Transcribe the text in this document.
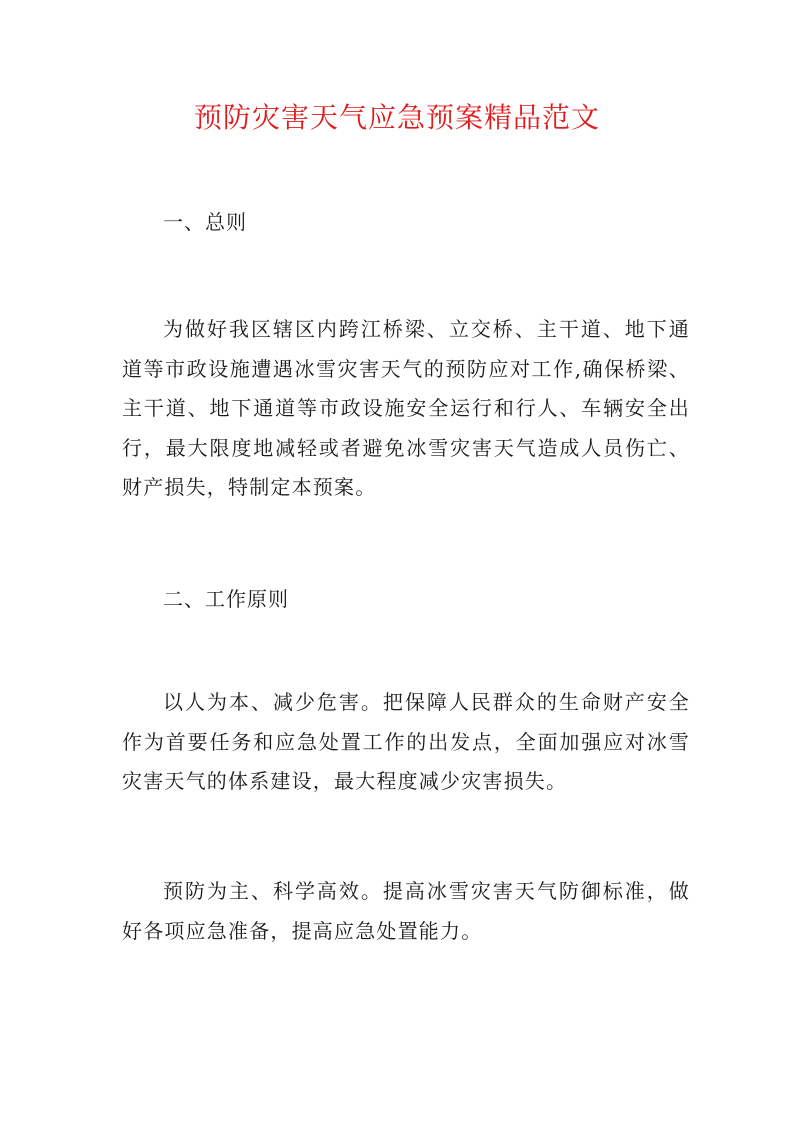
预防灾害天气应急预案精品范文
一、总则

为做好我区辖区内跨江桥梁、立交桥、主干道、地下通道等市政设施遭遇冰雪灾害天气的预防应对工作,确保桥梁、主干道、地下通道等市政设施安全运行和行人、车辆安全出行，最大限度地减轻或者避免冰雪灾害天气造成人员伤亡、财产损失，特制定本预案。

二、工作原则

以人为本、减少危害。把保障人民群众的生命财产安全作为首要任务和应急处置工作的出发点，全面加强应对冰雪灾害天气的体系建设，最大程度减少灾害损失。

预防为主、科学高效。提高冰雪灾害天气防御标准，做好各项应急准备，提高应急处置能力。
